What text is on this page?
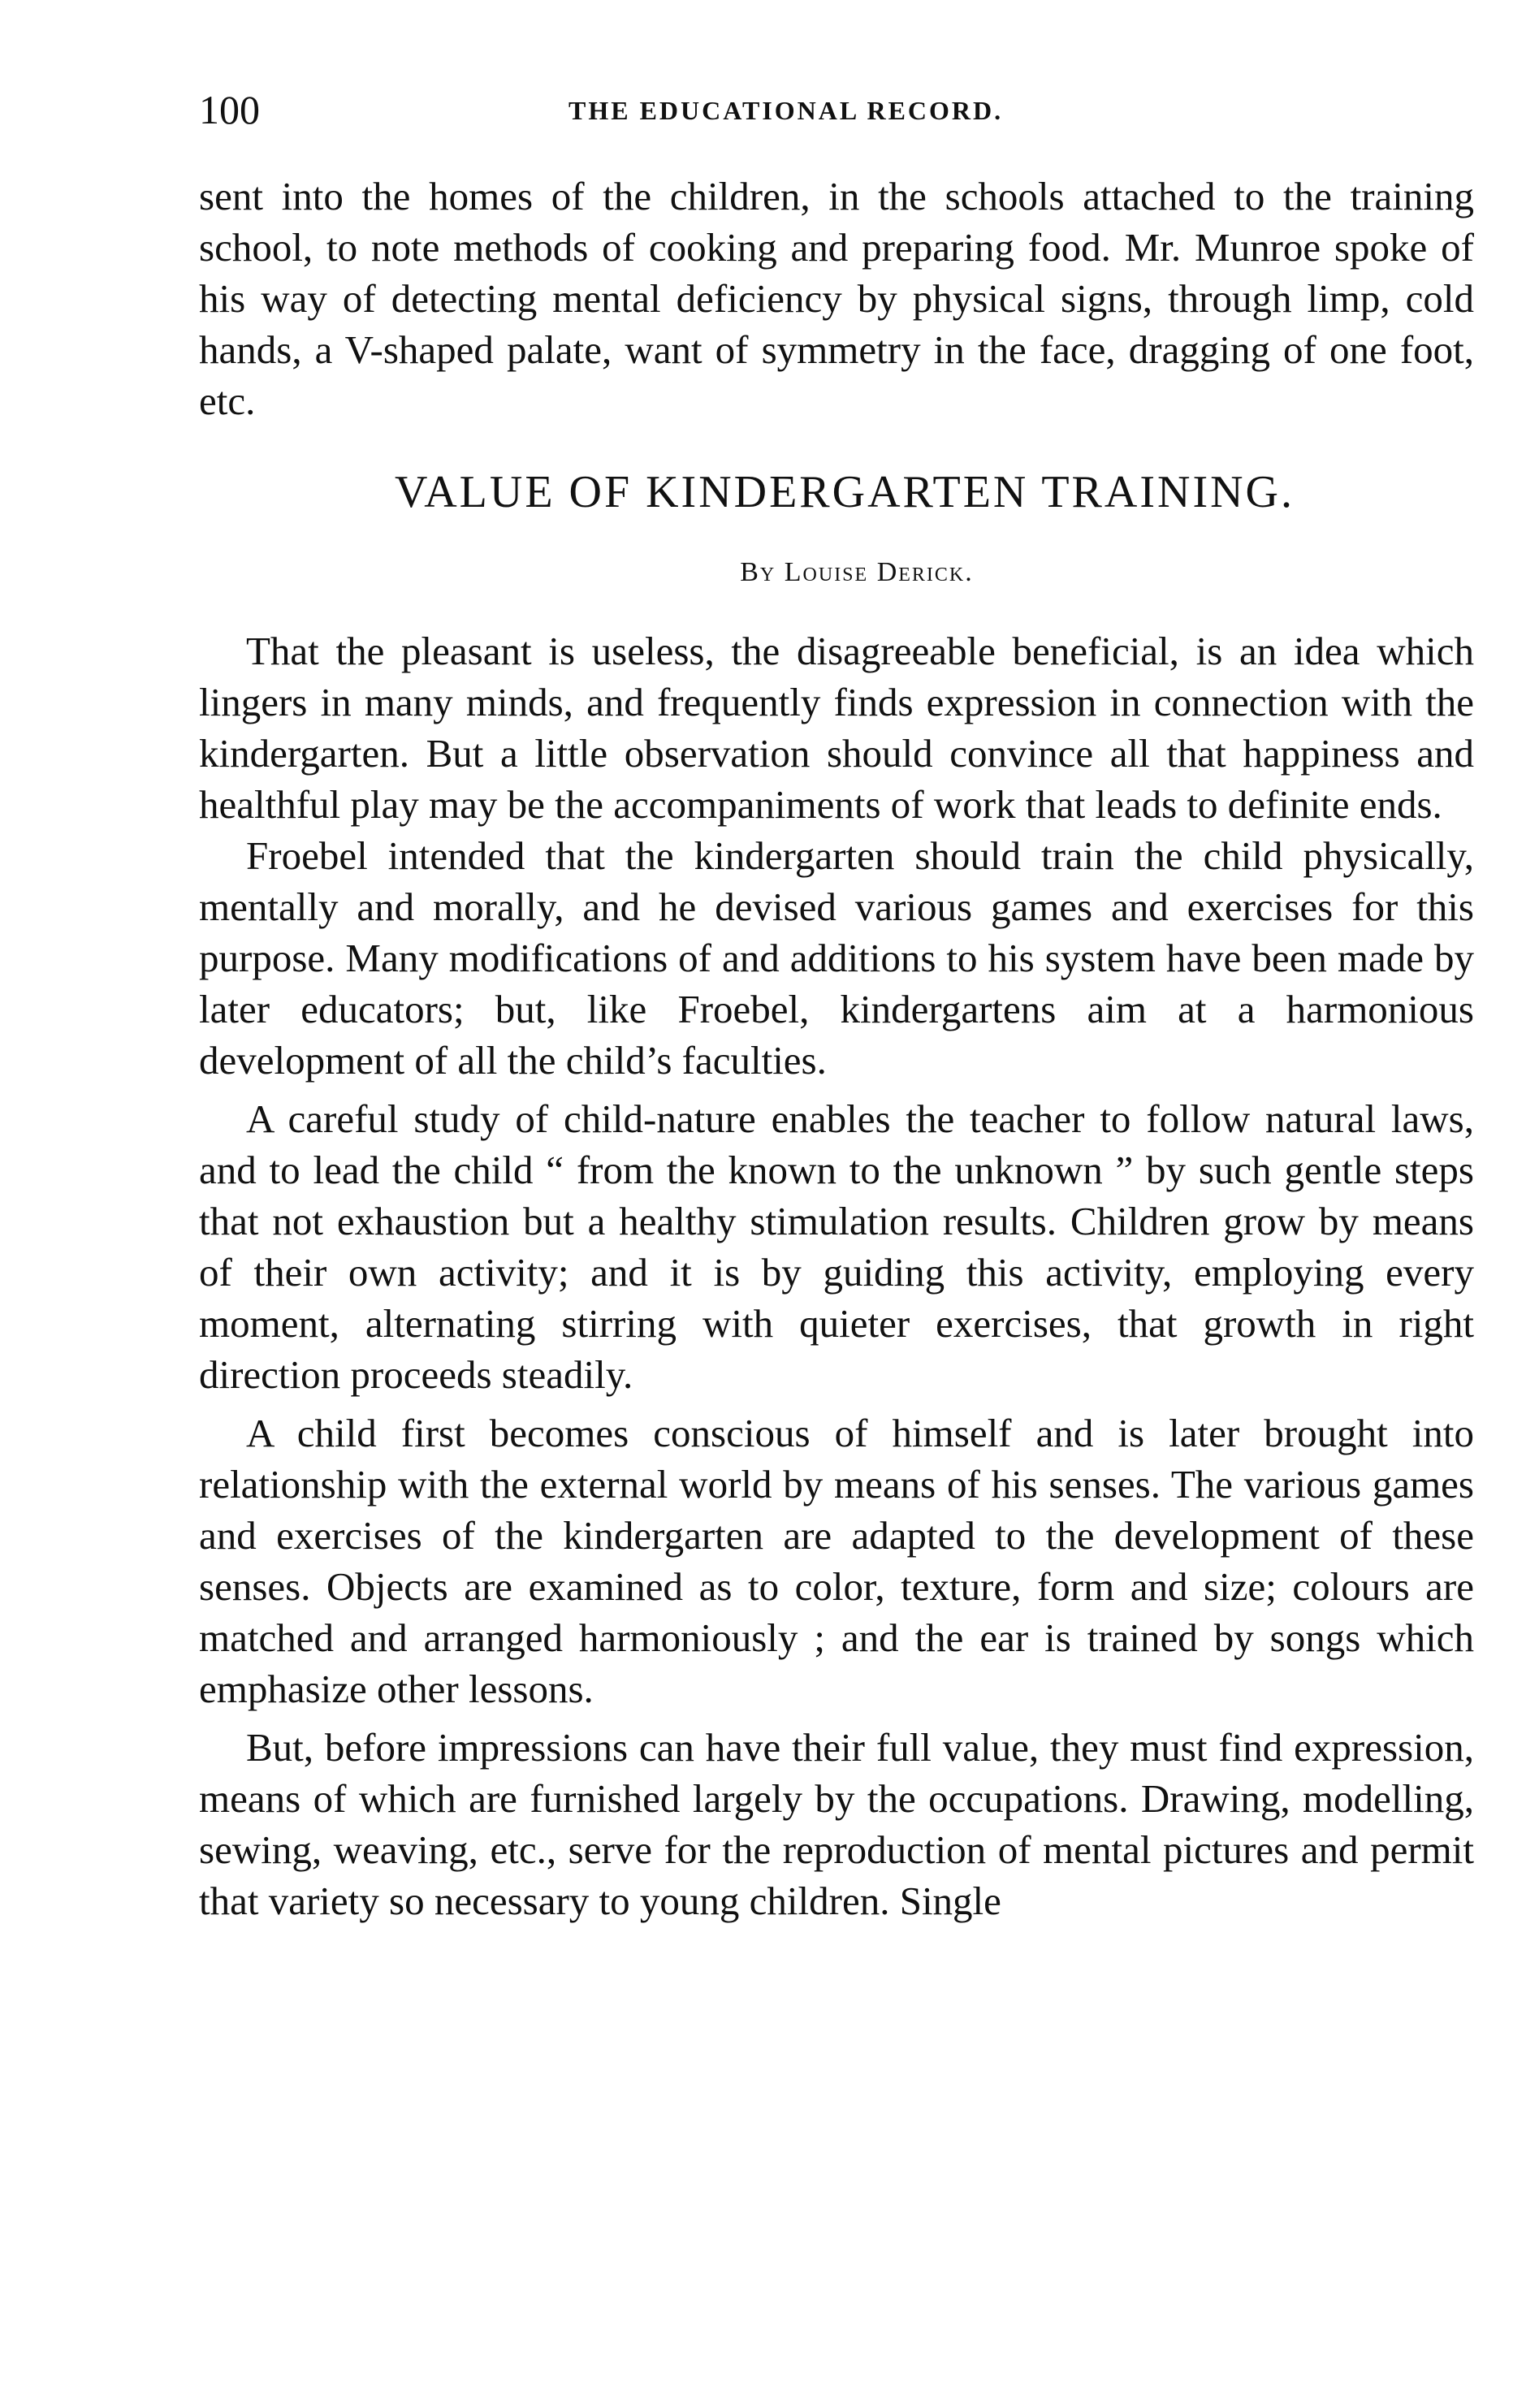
100	THE EDUCATIONAL RECORD.

sent into the homes of the children, in the schools attached to the training school, to note methods of cooking and preparing food. Mr. Munroe spoke of his way of detecting mental deficiency by physical signs, through limp, cold hands, a V-shaped palate, want of symmetry in the face, dragging of one foot, etc.

VALUE OF KINDERGARTEN TRAINING.
By Louise Derick.

That the pleasant is useless, the disagreeable beneficial, is an idea which lingers in many minds, and frequently finds expression in connection with the kindergarten. But a little observation should convince all that happiness and healthful play may be the accompaniments of work that leads to definite ends.

Froebel intended that the kindergarten should train the child physically, mentally and morally, and he devised various games and exercises for this purpose. Many modifications of and additions to his system have been made by later educators; but, like Froebel, kindergartens aim at a harmonious development of all the child’s faculties.

A careful study of child-nature enables the teacher to follow natural laws, and to lead the child “ from the known to the unknown ” by such gentle steps that not exhaustion but a healthy stimulation results. Children grow by means of their own activity; and it is by guiding this activity, employing every moment, alternating stirring with quieter exercises, that growth in right direction proceeds steadily.

A child first becomes conscious of himself and is later brought into relationship with the external world by means of his senses. The various games and exercises of the kindergarten are adapted to the development of these senses. Objects are examined as to color, texture, form and size; colours are matched and arranged harmoniously ; and the ear is trained by songs which emphasize other lessons.

But, before impressions can have their full value, they must find expression, means of which are furnished largely by the occupations. Drawing, modelling, sewing, weaving, etc., serve for the reproduction of mental pictures and permit that variety so necessary to young children. Single
